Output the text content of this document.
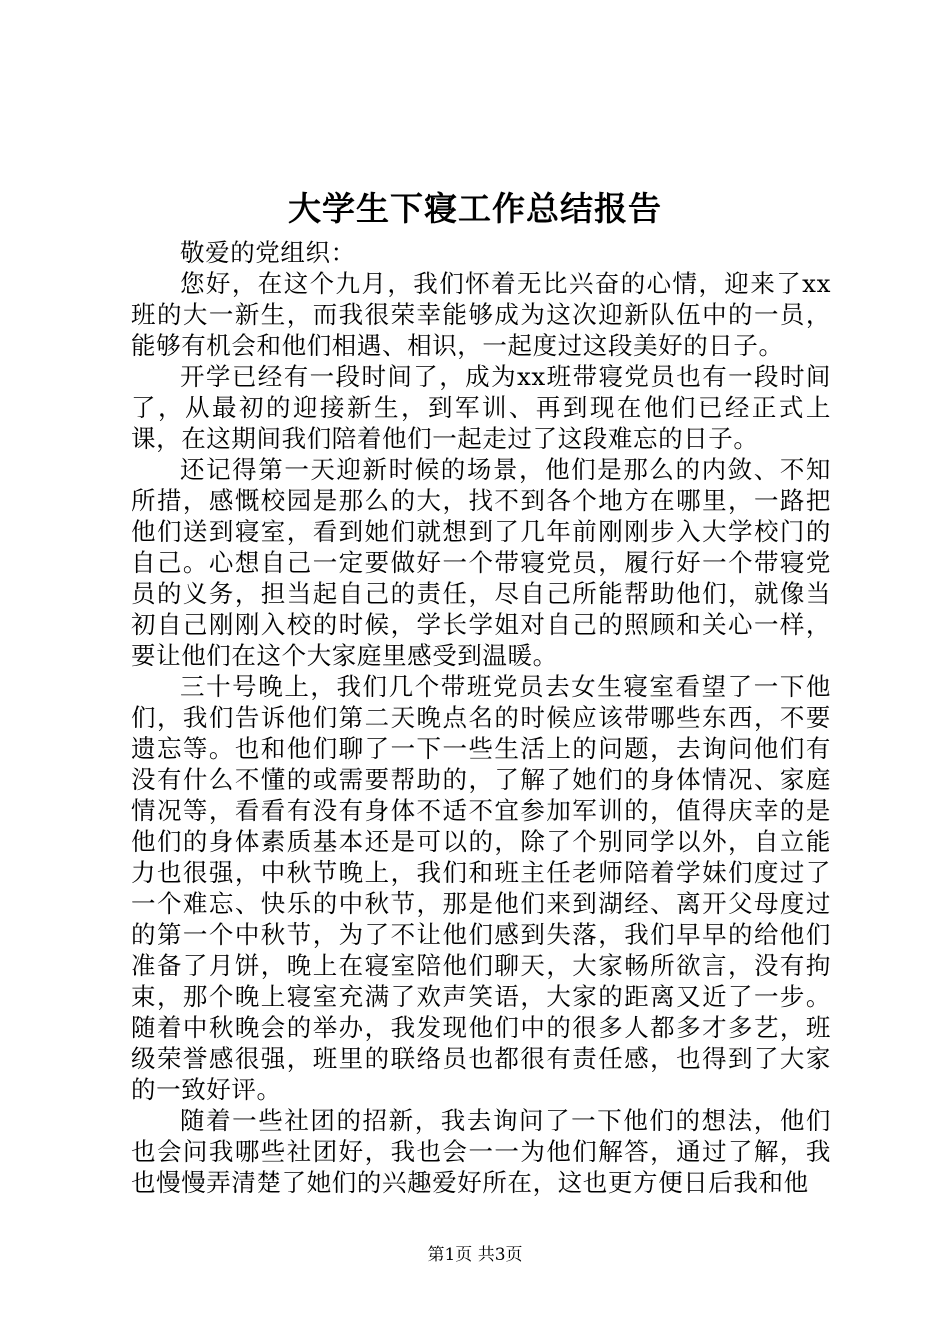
大学生下寝工作总结报告

敬爱的党组织：

您好，在这个九月，我们怀着无比兴奋的心情，迎来了xx班的大一新生，而我很荣幸能够成为这次迎新队伍中的一员，能够有机会和他们相遇、相识，一起度过这段美好的日子。

开学已经有一段时间了，成为xx班带寝党员也有一段时间了，从最初的迎接新生，到军训、再到现在他们已经正式上课，在这期间我们陪着他们一起走过了这段难忘的日子。

还记得第一天迎新时候的场景，他们是那么的内敛、不知所措，感慨校园是那么的大，找不到各个地方在哪里，一路把他们送到寝室，看到她们就想到了几年前刚刚步入大学校门的自己。心想自己一定要做好一个带寝党员，履行好一个带寝党员的义务，担当起自己的责任，尽自己所能帮助他们，就像当初自己刚刚入校的时候，学长学姐对自己的照顾和关心一样，要让他们在这个大家庭里感受到温暖。

三十号晚上，我们几个带班党员去女生寝室看望了一下他们，我们告诉他们第二天晚点名的时候应该带哪些东西，不要遗忘等。也和他们聊了一下一些生活上的问题，去询问他们有没有什么不懂的或需要帮助的，了解了她们的身体情况、家庭情况等，看看有没有身体不适不宜参加军训的，值得庆幸的是他们的身体素质基本还是可以的，除了个别同学以外，自立能力也很强，中秋节晚上，我们和班主任老师陪着学妹们度过了一个难忘、快乐的中秋节，那是他们来到湖经、离开父母度过的第一个中秋节，为了不让他们感到失落，我们早早的给他们准备了月饼，晚上在寝室陪他们聊天，大家畅所欲言，没有拘束，那个晚上寝室充满了欢声笑语，大家的距离又近了一步。随着中秋晚会的举办，我发现他们中的很多人都多才多艺，班级荣誉感很强，班里的联络员也都很有责任感，也得到了大家的一致好评。

随着一些社团的招新，我去询问了一下他们的想法，他们也会问我哪些社团好，我也会一一为他们解答，通过了解，我也慢慢弄清楚了她们的兴趣爱好所在，这也更方便日后我和他

第1页 共3页
